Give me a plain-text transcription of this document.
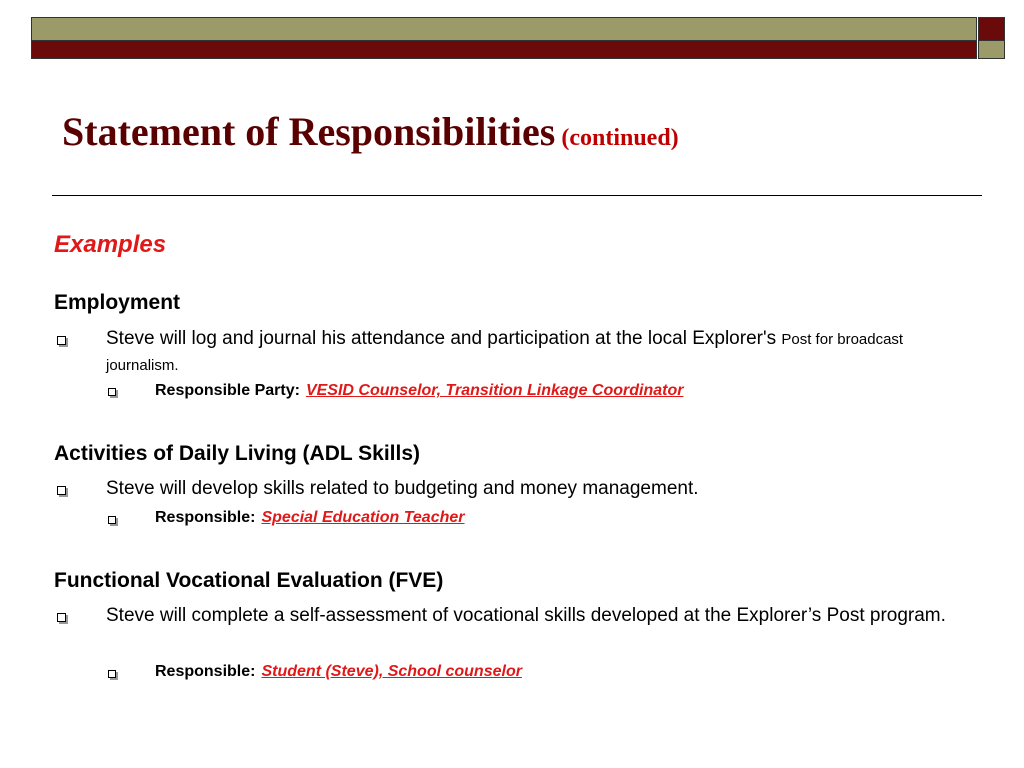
Statement of Responsibilities (continued)
Examples
Employment
Steve will log and journal his attendance and participation at the local Explorer's Post for broadcast journalism.
Responsible Party: VESID Counselor, Transition Linkage Coordinator
Activities of Daily Living (ADL Skills)
Steve will develop skills related to budgeting and money management.
Responsible: Special Education Teacher
Functional Vocational Evaluation (FVE)
Steve will complete a self-assessment of vocational skills developed at the Explorer’s Post program.
Responsible: Student (Steve), School counselor
